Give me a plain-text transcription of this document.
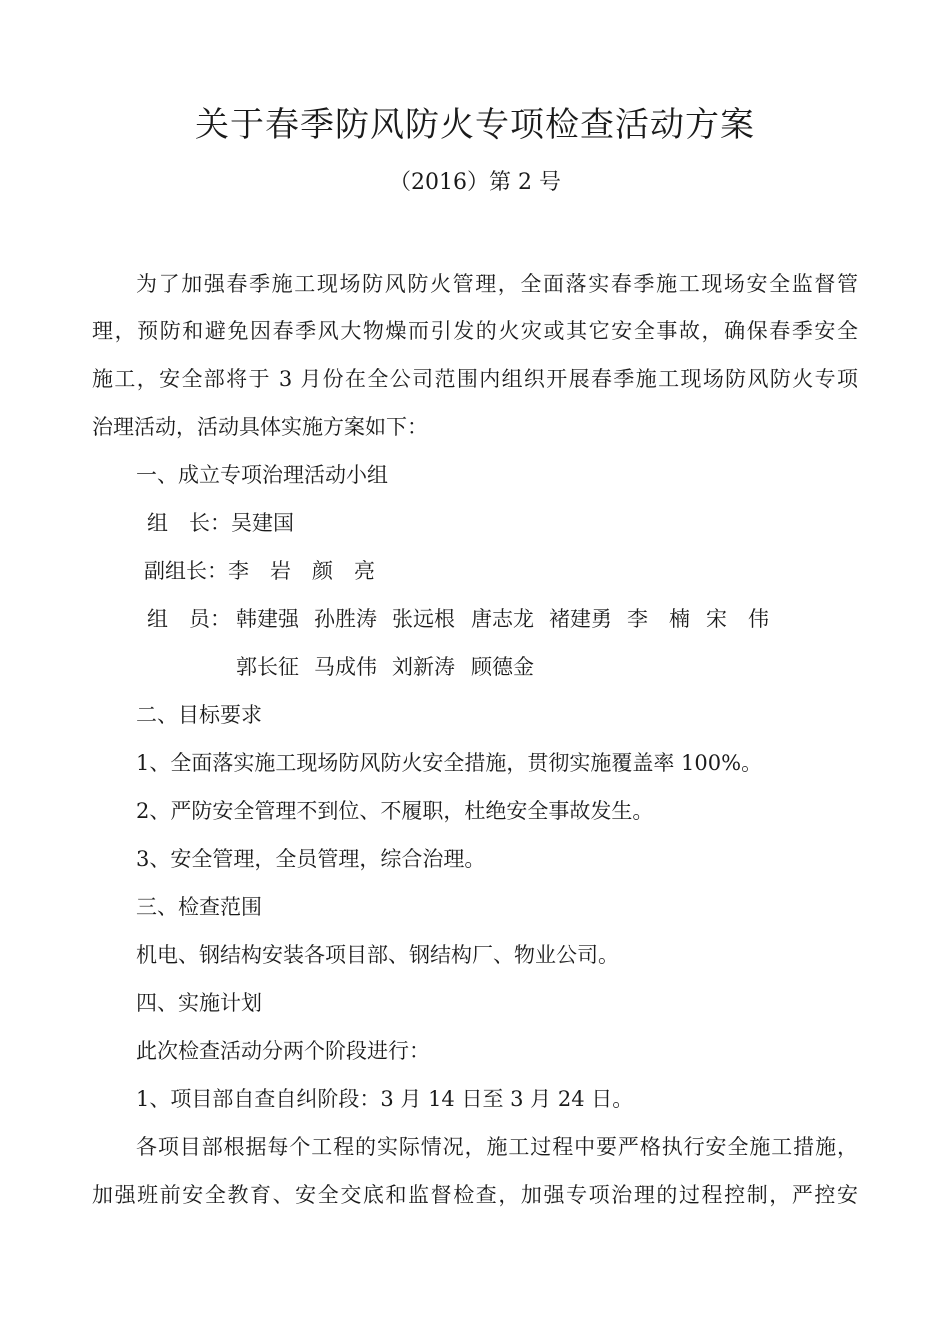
关于春季防风防火专项检查活动方案
（2016）第 2 号
为了加强春季施工现场防风防火管理，全面落实春季施工现场安全监督管
理，预防和避免因春季风大物燥而引发的火灾或其它安全事故，确保春季安全
施工，安全部将于 3 月份在全公司范围内组织开展春季施工现场防风防火专项
治理活动，活动具体实施方案如下：
一、成立专项治理活动小组
组　长：吴建国
副组长：李　岩　颜　亮
组　员： 韩建强 孙胜涛 张远根 唐志龙 褚建勇 李　楠 宋　伟
郭长征 马成伟 刘新涛 顾德金
二、目标要求
1、全面落实施工现场防风防火安全措施，贯彻实施覆盖率 100%。
2、严防安全管理不到位、不履职，杜绝安全事故发生。
3、安全管理，全员管理，综合治理。
三、检查范围
机电、钢结构安装各项目部、钢结构厂、物业公司。
四、实施计划
此次检查活动分两个阶段进行：
1、项目部自查自纠阶段：3 月 14 日至 3 月 24 日。
各项目部根据每个工程的实际情况，施工过程中要严格执行安全施工措施，
加强班前安全教育、安全交底和监督检查，加强专项治理的过程控制，严控安
